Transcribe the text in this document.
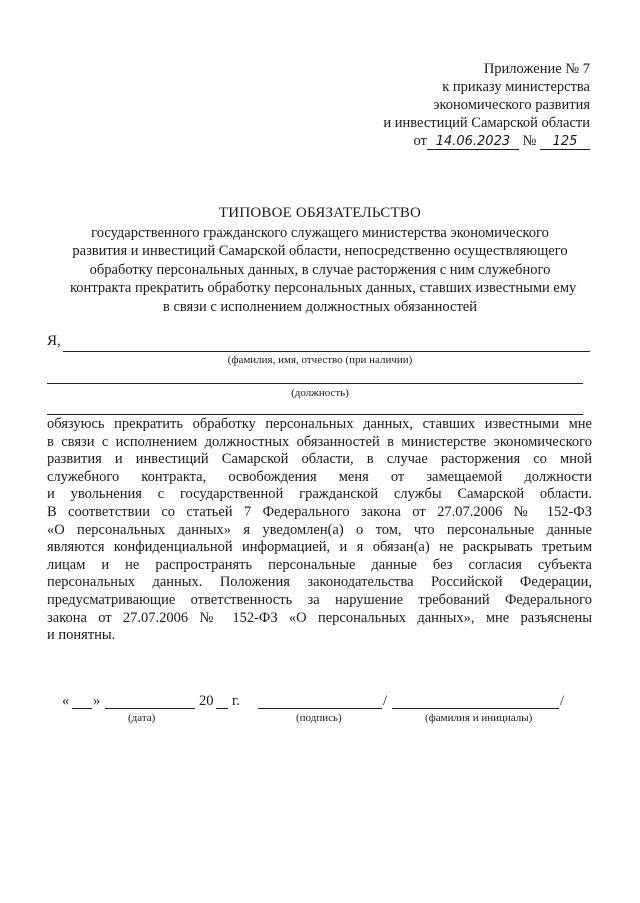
Приложение № 7
к приказу министерства
экономического развития
и инвестиций Самарской области
от 14.06.2023 № 125
ТИПОВОЕ ОБЯЗАТЕЛЬСТВО
государственного гражданского служащего министерства экономического
развития и инвестиций Самарской области, непосредственно осуществляющего
обработку персональных данных, в случае расторжения с ним служебного
контракта прекратить обработку персональных данных, ставших известными ему
в связи с исполнением должностных обязанностей
Я,
(фамилия, имя, отчество (при наличии)
(должность)
обязуюсь прекратить обработку персональных данных, ставших известными мне
в связи с исполнением должностных обязанностей в министерстве экономического
развития и инвестиций Самарской области, в случае расторжения со мной
служебного контракта, освобождения меня от замещаемой должности
и увольнения с государственной гражданской службы Самарской области.
В соответствии со статьей 7 Федерального закона от 27.07.2006 № 152-ФЗ
«О персональных данных» я уведомлен(а) о том, что персональные данные
являются конфиденциальной информацией, и я обязан(а) не раскрывать третьим
лицам и не распространять персональные данные без согласия субъекта
персональных данных. Положения законодательства Российской Федерации,
предусматривающие ответственность за нарушение требований Федерального
закона от 27.07.2006 № 152-ФЗ «О персональных данных», мне разъяснены
и понятны.
« »	20 г.	/	/
(дата)	(подпись)	(фамилия и инициалы)
